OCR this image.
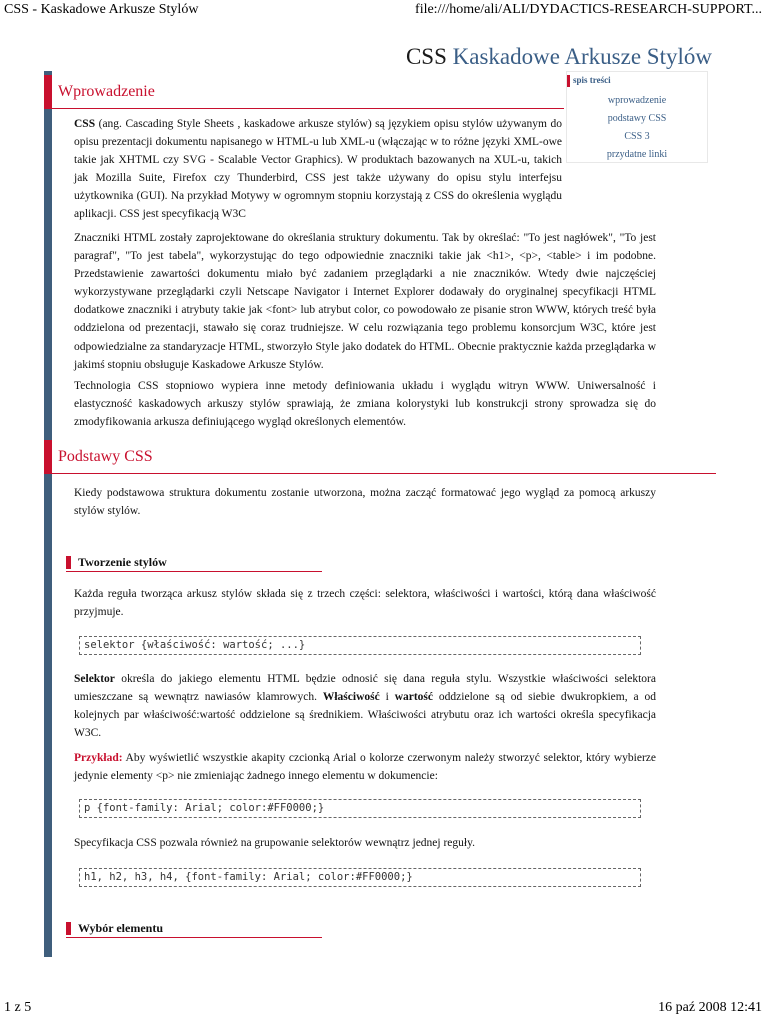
CSS - Kaskadowe Arkusze Stylów	file:///home/ali/ALI/DYDACTICS-RESEARCH-SUPPORT...
CSS Kaskadowe Arkusze Stylów
Wprowadzenie
spis treści
wprowadzenie
podstawy CSS
CSS 3
przydatne linki
CSS (ang. Cascading Style Sheets , kaskadowe arkusze stylów) są językiem opisu stylów używanym do opisu prezentacji dokumentu napisanego w HTML-u lub XML-u (włączając w to różne języki XML-owe takie jak XHTML czy SVG - Scalable Vector Graphics). W produktach bazowanych na XUL-u, takich jak Mozilla Suite, Firefox czy Thunderbird, CSS jest także używany do opisu stylu interfejsu użytkownika (GUI). Na przykład Motywy w ogromnym stopniu korzystają z CSS do określenia wyglądu aplikacji. CSS jest specyfikacją W3C
Znaczniki HTML zostały zaprojektowane do określania struktury dokumentu. Tak by określać: "To jest nagłówek", "To jest paragraf", "To jest tabela", wykorzystując do tego odpowiednie znaczniki takie jak <h1>, <p>, <table> i im podobne. Przedstawienie zawartości dokumentu miało być zadaniem przeglądarki a nie znaczników. Wtedy dwie najczęściej wykorzystywane przeglądarki czyli Netscape Navigator i Internet Explorer dodawały do oryginalnej specyfikacji HTML dodatkowe znaczniki i atrybuty takie jak <font> lub atrybut color, co powodowało ze pisanie stron WWW, których treść była oddzielona od prezentacji, stawało się coraz trudniejsze. W celu rozwiązania tego problemu konsorcjum W3C, które jest odpowiedzialne za standaryzacje HTML, stworzyło Style jako dodatek do HTML. Obecnie praktycznie każda przeglądarka w jakimś stopniu obsługuje Kaskadowe Arkusze Stylów.
Technologia CSS stopniowo wypiera inne metody definiowania układu i wyglądu witryn WWW. Uniwersalność i elastyczność kaskadowych arkuszy stylów sprawiają, że zmiana kolorystyki lub konstrukcji strony sprowadza się do zmodyfikowania arkusza definiującego wygląd określonych elementów.
Podstawy CSS
Kiedy podstawowa struktura dokumentu zostanie utworzona, można zacząć formatować jego wygląd za pomocą arkuszy stylów stylów.
Tworzenie stylów
Każda reguła tworząca arkusz stylów składa się z trzech części: selektora, właściwości i wartości, którą dana właściwość przyjmuje.
selektor {właściwość: wartość; ...}
Selektor określa do jakiego elementu HTML będzie odnosić się dana reguła stylu. Wszystkie właściwości selektora umieszczane są wewnątrz nawiasów klamrowych. Właściwość i wartość oddzielone są od siebie dwukropkiem, a od kolejnych par właściwość:wartość oddzielone są średnikiem. Właściwości atrybutu oraz ich wartości określa specyfikacja W3C.
Przykład: Aby wyświetlić wszystkie akapity czcionką Arial o kolorze czerwonym należy stworzyć selektor, który wybierze jedynie elementy <p> nie zmieniając żadnego innego elementu w dokumencie:
p {font-family: Arial; color:#FF0000;}
Specyfikacja CSS pozwala również na grupowanie selektorów wewnątrz jednej reguły.
h1, h2, h3, h4, {font-family: Arial; color:#FF0000;}
Wybór elementu
1 z 5	16 paź 2008 12:41
